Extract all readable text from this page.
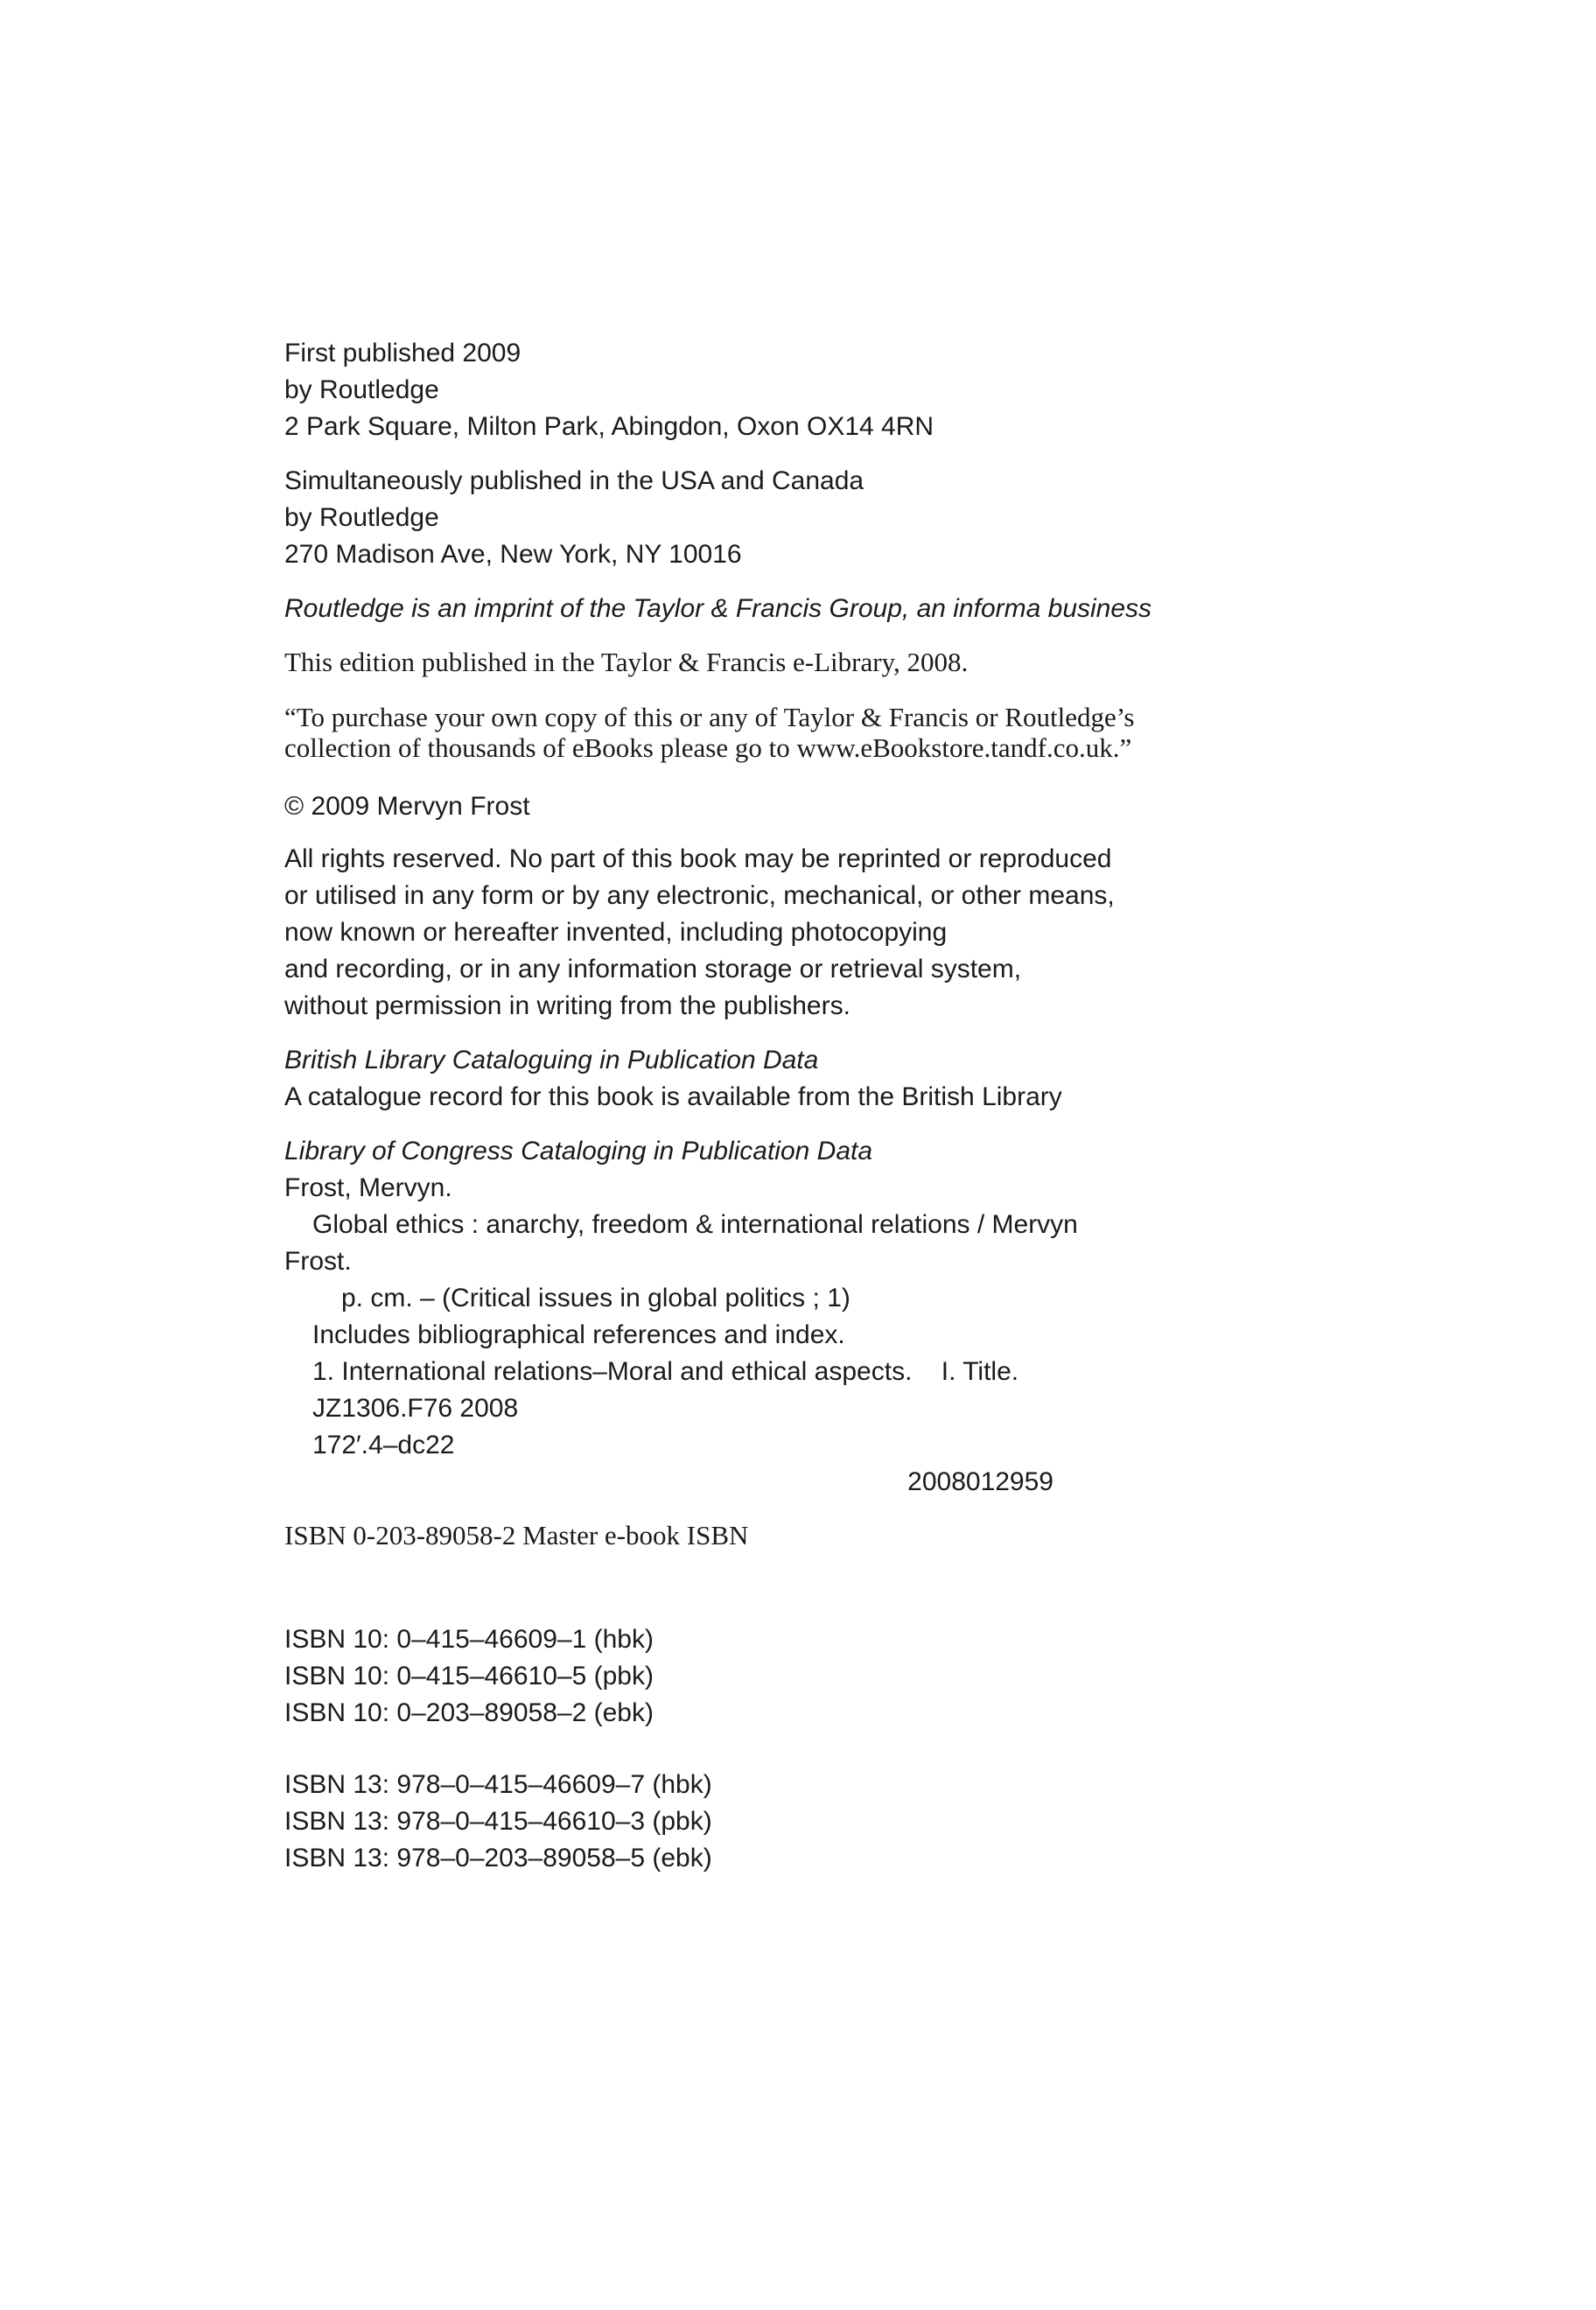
First published 2009
by Routledge
2 Park Square, Milton Park, Abingdon, Oxon OX14 4RN
Simultaneously published in the USA and Canada
by Routledge
270 Madison Ave, New York, NY 10016
Routledge is an imprint of the Taylor & Francis Group, an informa business
This edition published in the Taylor & Francis e-Library, 2008.
“To purchase your own copy of this or any of Taylor & Francis or Routledge’s
collection of thousands of eBooks please go to www.eBookstore.tandf.co.uk.”
© 2009 Mervyn Frost
All rights reserved. No part of this book may be reprinted or reproduced
or utilised in any form or by any electronic, mechanical, or other means,
now known or hereafter invented, including photocopying
and recording, or in any information storage or retrieval system,
without permission in writing from the publishers.
British Library Cataloguing in Publication Data
A catalogue record for this book is available from the British Library
Library of Congress Cataloging in Publication Data
Frost, Mervyn.
Global ethics : anarchy, freedom & international relations / Mervyn
Frost.
p. cm. – (Critical issues in global politics ; 1)
Includes bibliographical references and index.
1. International relations–Moral and ethical aspects.    I. Title.
JZ1306.F76 2008
172′.4–dc22
2008012959
ISBN 0-203-89058-2 Master e-book ISBN
ISBN 10: 0–415–46609–1 (hbk)
ISBN 10: 0–415–46610–5 (pbk)
ISBN 10: 0–203–89058–2 (ebk)
ISBN 13: 978–0–415–46609–7 (hbk)
ISBN 13: 978–0–415–46610–3 (pbk)
ISBN 13: 978–0–203–89058–5 (ebk)
